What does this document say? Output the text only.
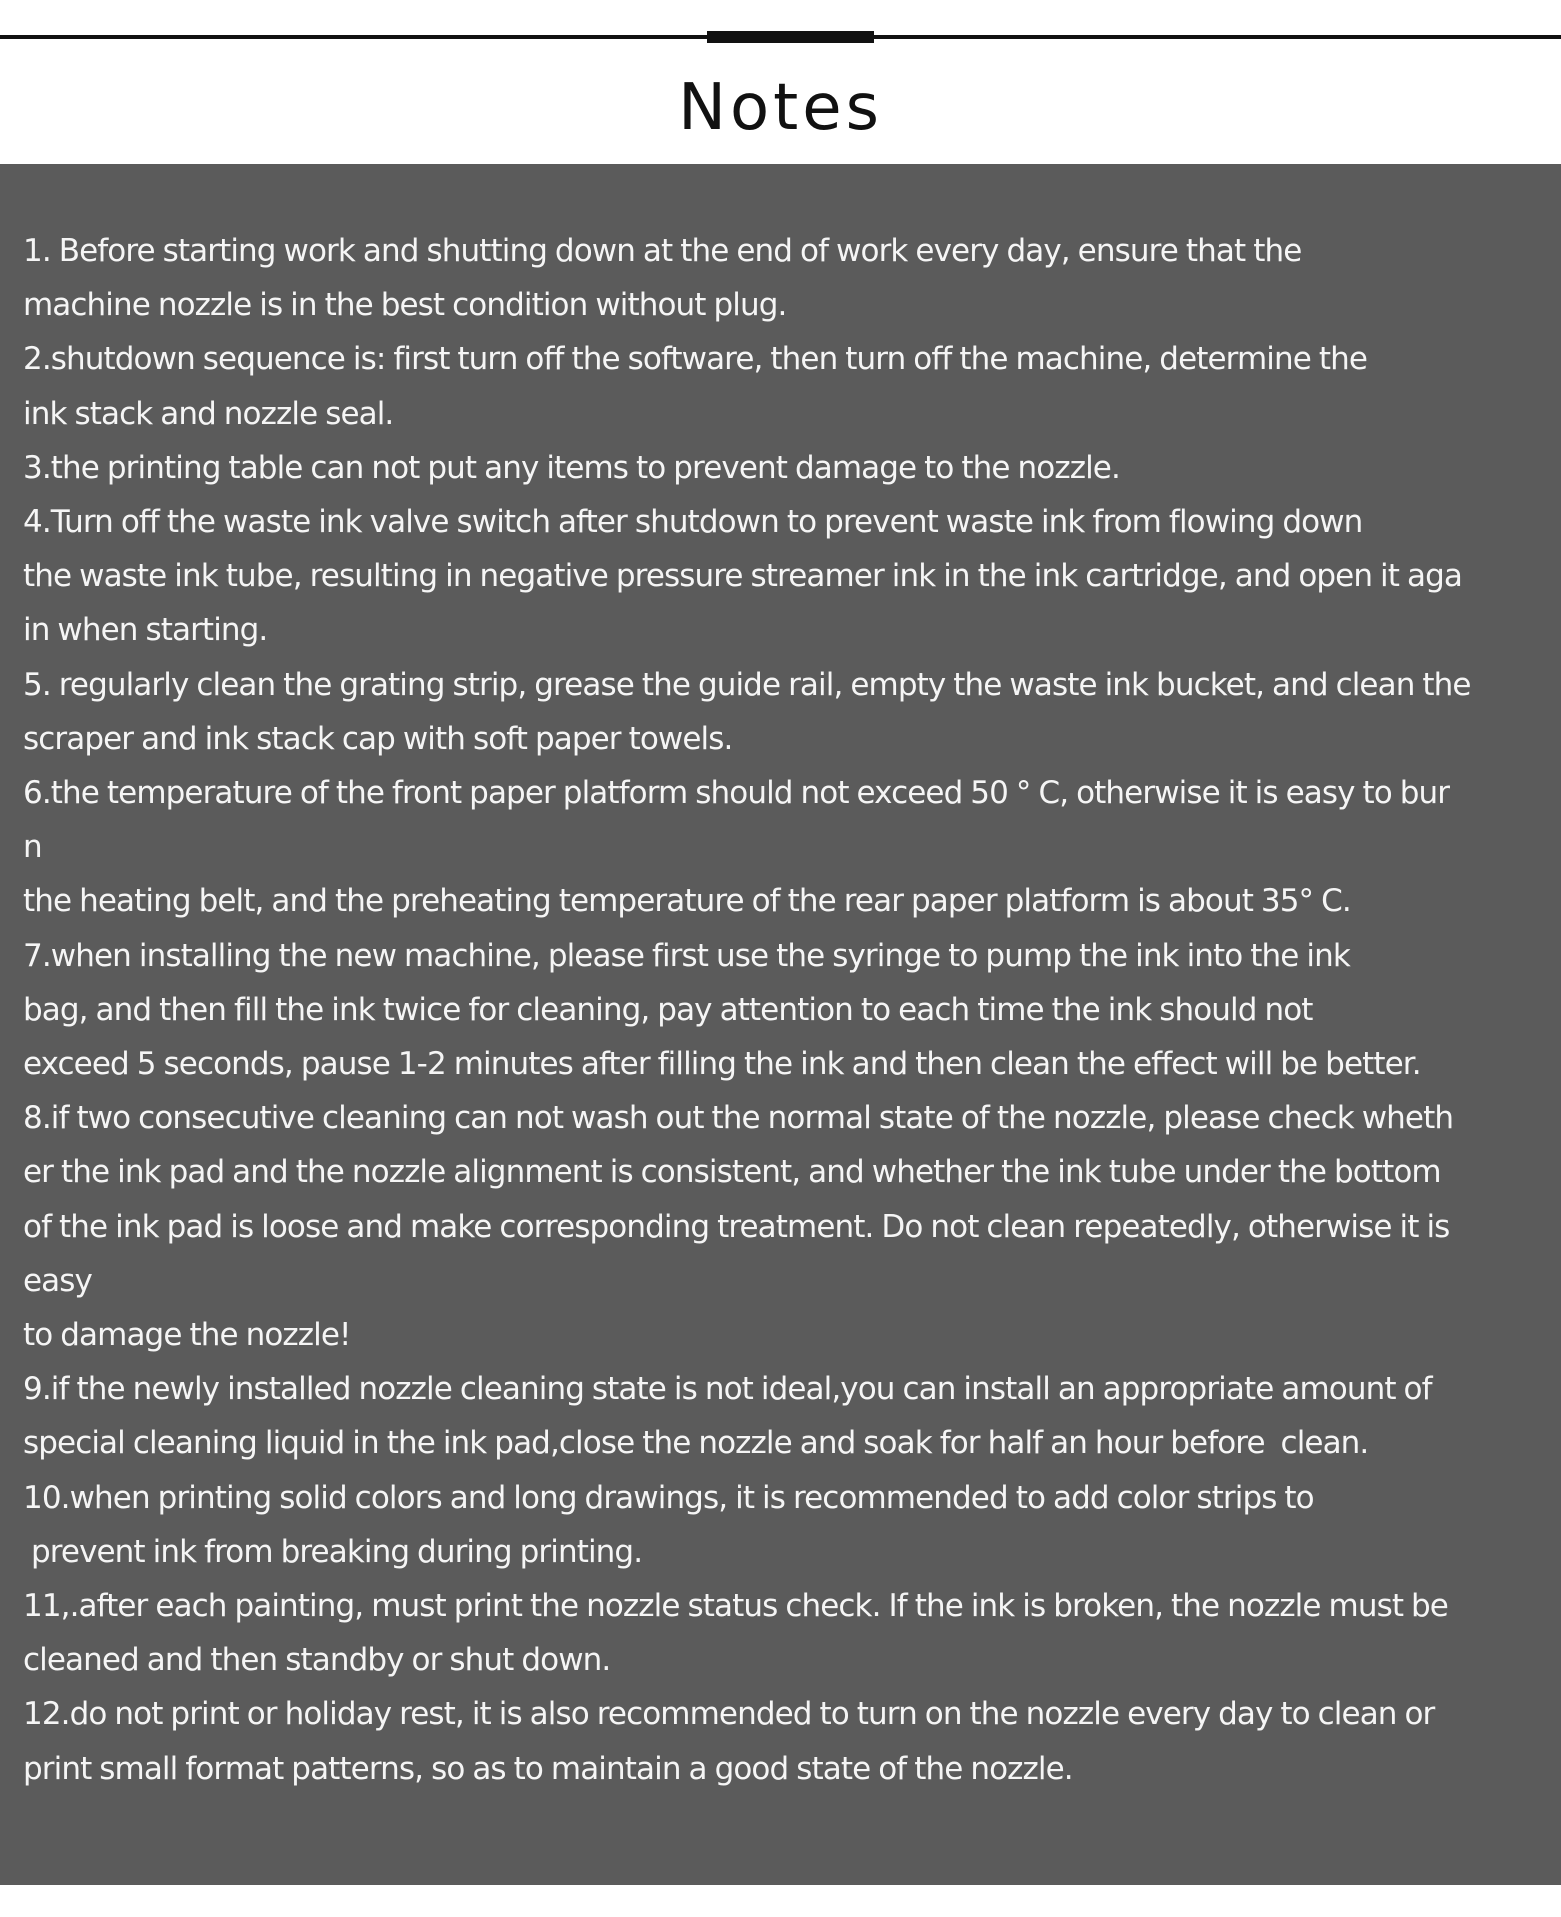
Notes
1. Before starting work and shutting down at the end of work every day, ensure that the
machine nozzle is in the best condition without plug.
2.shutdown sequence is: first turn off the software, then turn off the machine, determine the
ink stack and nozzle seal.
3.the printing table can not put any items to prevent damage to the nozzle.
4.Turn off the waste ink valve switch after shutdown to prevent waste ink from flowing down
the waste ink tube, resulting in negative pressure streamer ink in the ink cartridge, and open it aga
in when starting.
5. regularly clean the grating strip, grease the guide rail, empty the waste ink bucket, and clean the
scraper and ink stack cap with soft paper towels.
6.the temperature of the front paper platform should not exceed 50 ° C, otherwise it is easy to bur
n
the heating belt, and the preheating temperature of the rear paper platform is about 35° C.
7.when installing the new machine, please first use the syringe to pump the ink into the ink
bag, and then fill the ink twice for cleaning, pay attention to each time the ink should not
exceed 5 seconds, pause 1-2 minutes after filling the ink and then clean the effect will be better.
8.if two consecutive cleaning can not wash out the normal state of the nozzle, please check wheth
er the ink pad and the nozzle alignment is consistent, and whether the ink tube under the bottom
of the ink pad is loose and make corresponding treatment. Do not clean repeatedly, otherwise it is
easy
to damage the nozzle!
9.if the newly installed nozzle cleaning state is not ideal,you can install an appropriate amount of
special cleaning liquid in the ink pad,close the nozzle and soak for half an hour before  clean.
10.when printing solid colors and long drawings, it is recommended to add color strips to
prevent ink from breaking during printing.
11,.after each painting, must print the nozzle status check. If the ink is broken, the nozzle must be
cleaned and then standby or shut down.
12.do not print or holiday rest, it is also recommended to turn on the nozzle every day to clean or
print small format patterns, so as to maintain a good state of the nozzle.
